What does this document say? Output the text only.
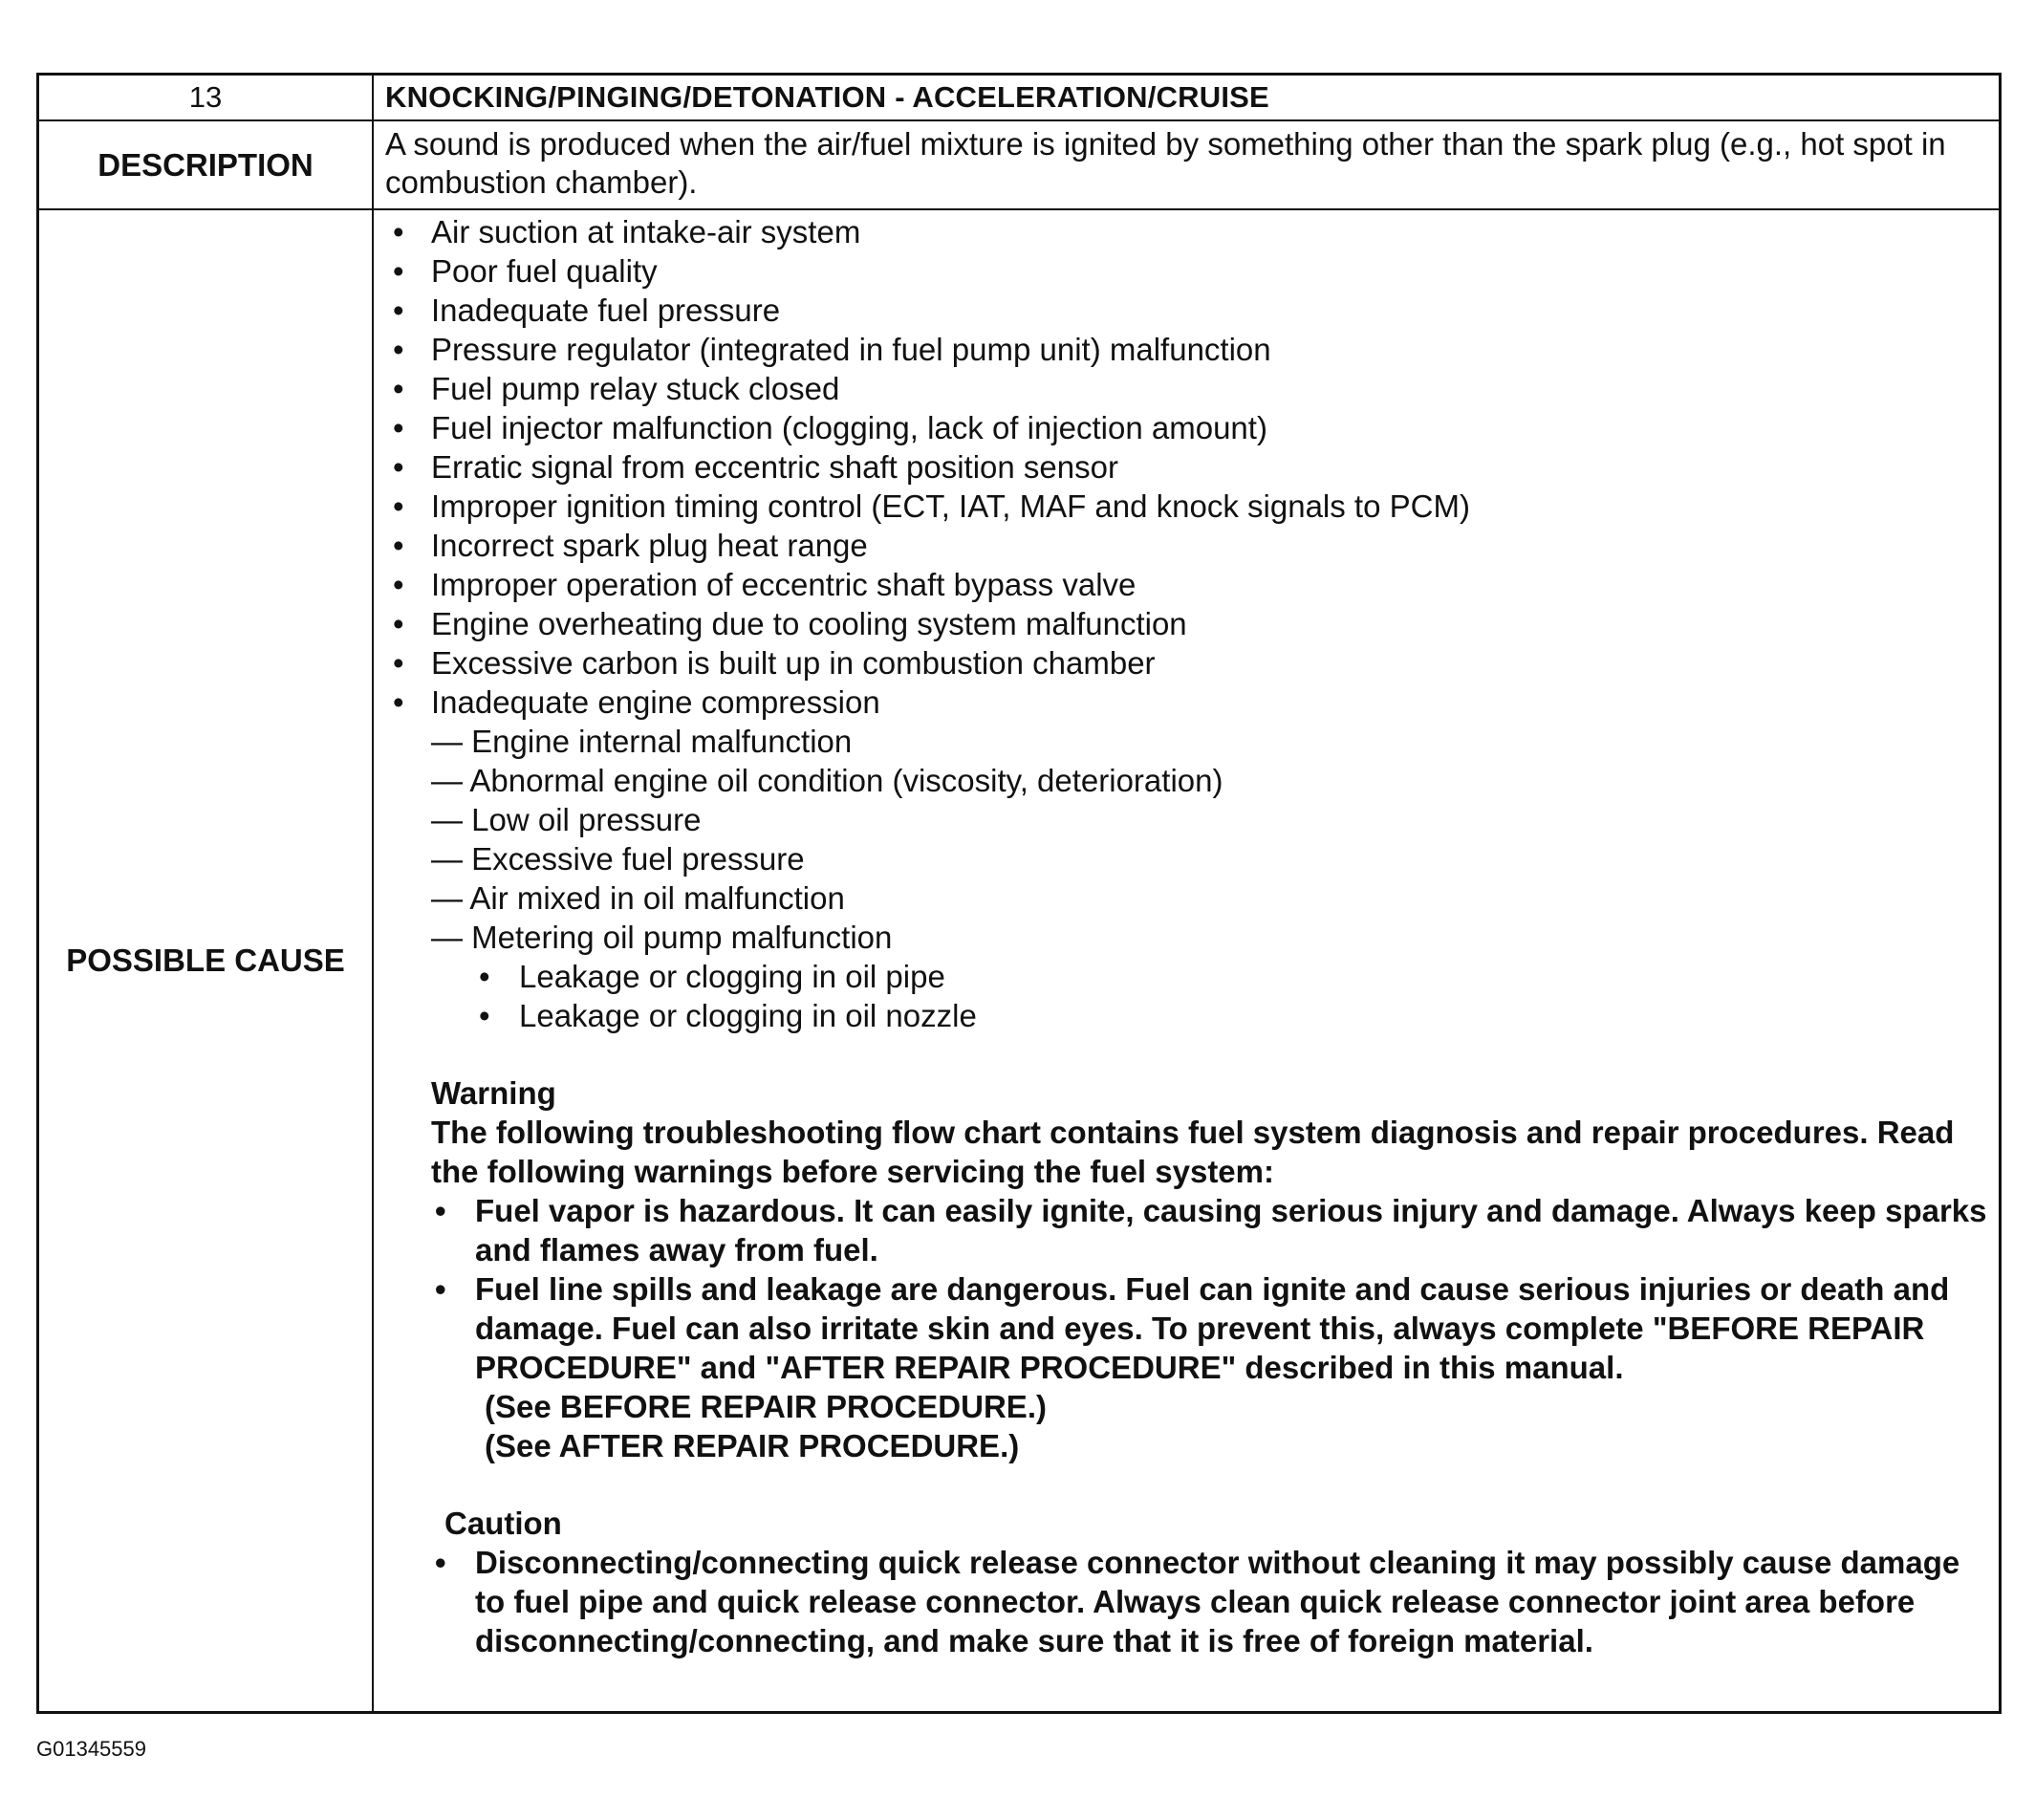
13	KNOCKING/PINGING/DETONATION - ACCELERATION/CRUISE
DESCRIPTION
A sound is produced when the air/fuel mixture is ignited by something other than the spark plug (e.g., hot spot in combustion chamber).
POSSIBLE CAUSE
• Air suction at intake-air system
• Poor fuel quality
• Inadequate fuel pressure
• Pressure regulator (integrated in fuel pump unit) malfunction
• Fuel pump relay stuck closed
• Fuel injector malfunction (clogging, lack of injection amount)
• Erratic signal from eccentric shaft position sensor
• Improper ignition timing control (ECT, IAT, MAF and knock signals to PCM)
• Incorrect spark plug heat range
• Improper operation of eccentric shaft bypass valve
• Engine overheating due to cooling system malfunction
• Excessive carbon is built up in combustion chamber
• Inadequate engine compression
— Engine internal malfunction
— Abnormal engine oil condition (viscosity, deterioration)
— Low oil pressure
— Excessive fuel pressure
— Air mixed in oil malfunction
— Metering oil pump malfunction
• Leakage or clogging in oil pipe
• Leakage or clogging in oil nozzle
Warning
The following troubleshooting flow chart contains fuel system diagnosis and repair procedures. Read the following warnings before servicing the fuel system:
• Fuel vapor is hazardous. It can easily ignite, causing serious injury and damage. Always keep sparks and flames away from fuel.
• Fuel line spills and leakage are dangerous. Fuel can ignite and cause serious injuries or death and damage. Fuel can also irritate skin and eyes. To prevent this, always complete "BEFORE REPAIR PROCEDURE" and "AFTER REPAIR PROCEDURE" described in this manual.
(See BEFORE REPAIR PROCEDURE.)
(See AFTER REPAIR PROCEDURE.)
Caution
• Disconnecting/connecting quick release connector without cleaning it may possibly cause damage to fuel pipe and quick release connector. Always clean quick release connector joint area before disconnecting/connecting, and make sure that it is free of foreign material.
G01345559
